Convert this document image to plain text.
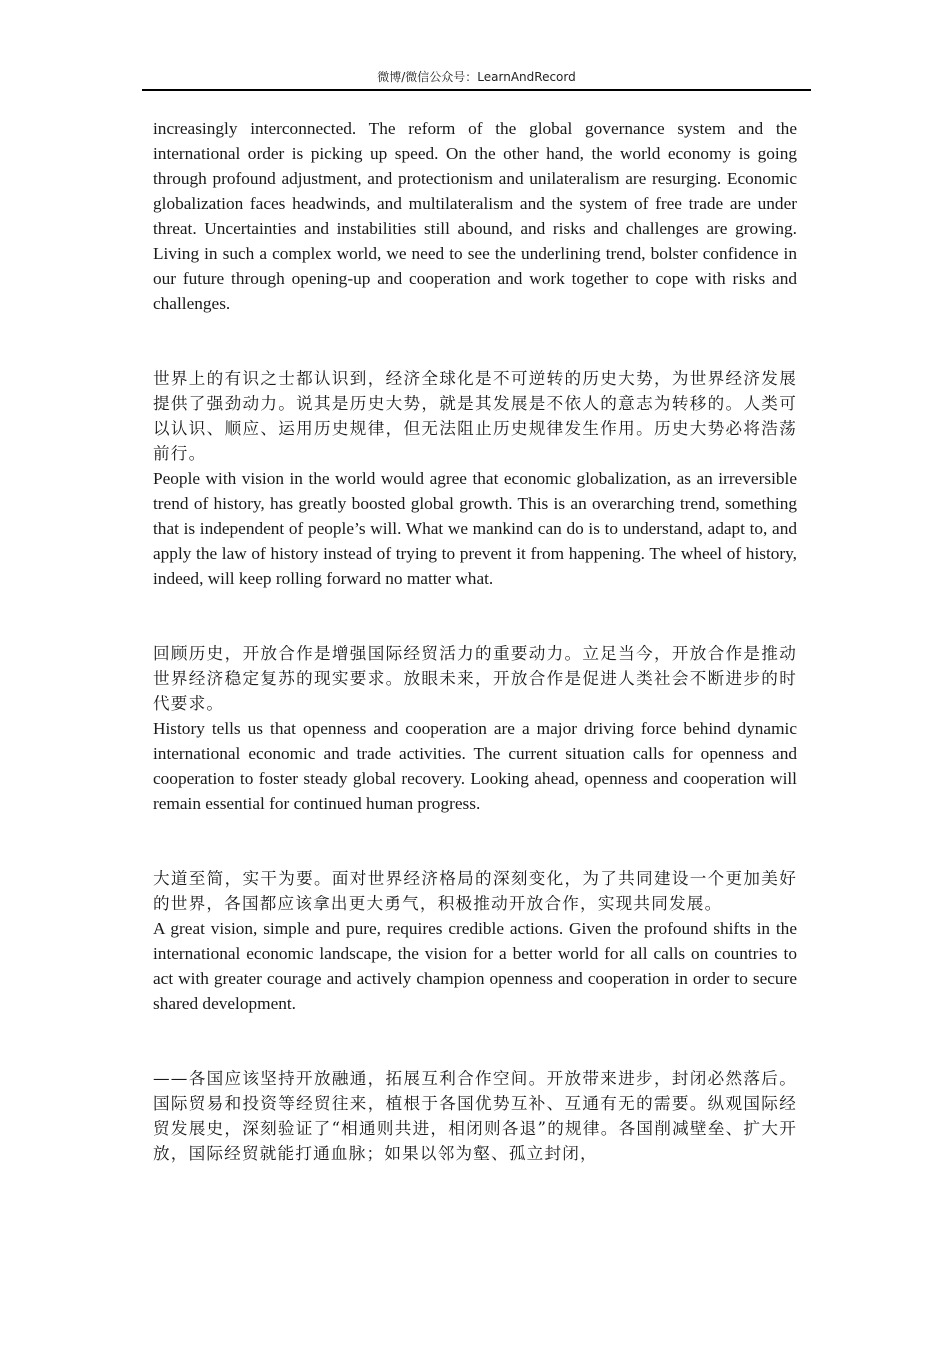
微博/微信公众号：LearnAndRecord

increasingly interconnected. The reform of the global governance system and the international order is picking up speed. On the other hand, the world economy is going through profound adjustment, and protectionism and unilateralism are resurging. Economic globalization faces headwinds, and multilateralism and the system of free trade are under threat. Uncertainties and instabilities still abound, and risks and challenges are growing. Living in such a complex world, we need to see the underlining trend, bolster confidence in our future through opening-up and cooperation and work together to cope with risks and challenges.

世界上的有识之士都认识到，经济全球化是不可逆转的历史大势，为世界经济发展提供了强劲动力。说其是历史大势，就是其发展是不依人的意志为转移的。人类可以认识、顺应、运用历史规律，但无法阻止历史规律发生作用。历史大势必将浩荡前行。

People with vision in the world would agree that economic globalization, as an irreversible trend of history, has greatly boosted global growth. This is an overarching trend, something that is independent of people’s will. What we mankind can do is to understand, adapt to, and apply the law of history instead of trying to prevent it from happening. The wheel of history, indeed, will keep rolling forward no matter what.

回顾历史，开放合作是增强国际经贸活力的重要动力。立足当今，开放合作是推动世界经济稳定复苏的现实要求。放眼未来，开放合作是促进人类社会不断进步的时代要求。

History tells us that openness and cooperation are a major driving force behind dynamic international economic and trade activities. The current situation calls for openness and cooperation to foster steady global recovery. Looking ahead, openness and cooperation will remain essential for continued human progress.

大道至简，实干为要。面对世界经济格局的深刻变化，为了共同建设一个更加美好的世界，各国都应该拿出更大勇气，积极推动开放合作，实现共同发展。

A great vision, simple and pure, requires credible actions. Given the profound shifts in the international economic landscape, the vision for a better world for all calls on countries to act with greater courage and actively champion openness and cooperation in order to secure shared development.

——各国应该坚持开放融通，拓展互利合作空间。开放带来进步，封闭必然落后。国际贸易和投资等经贸往来，植根于各国优势互补、互通有无的需要。纵观国际经贸发展史，深刻验证了“相通则共进，相闭则各退”的规律。各国削减壁垒、扩大开放，国际经贸就能打通血脉；如果以邻为壑、孤立封闭，
